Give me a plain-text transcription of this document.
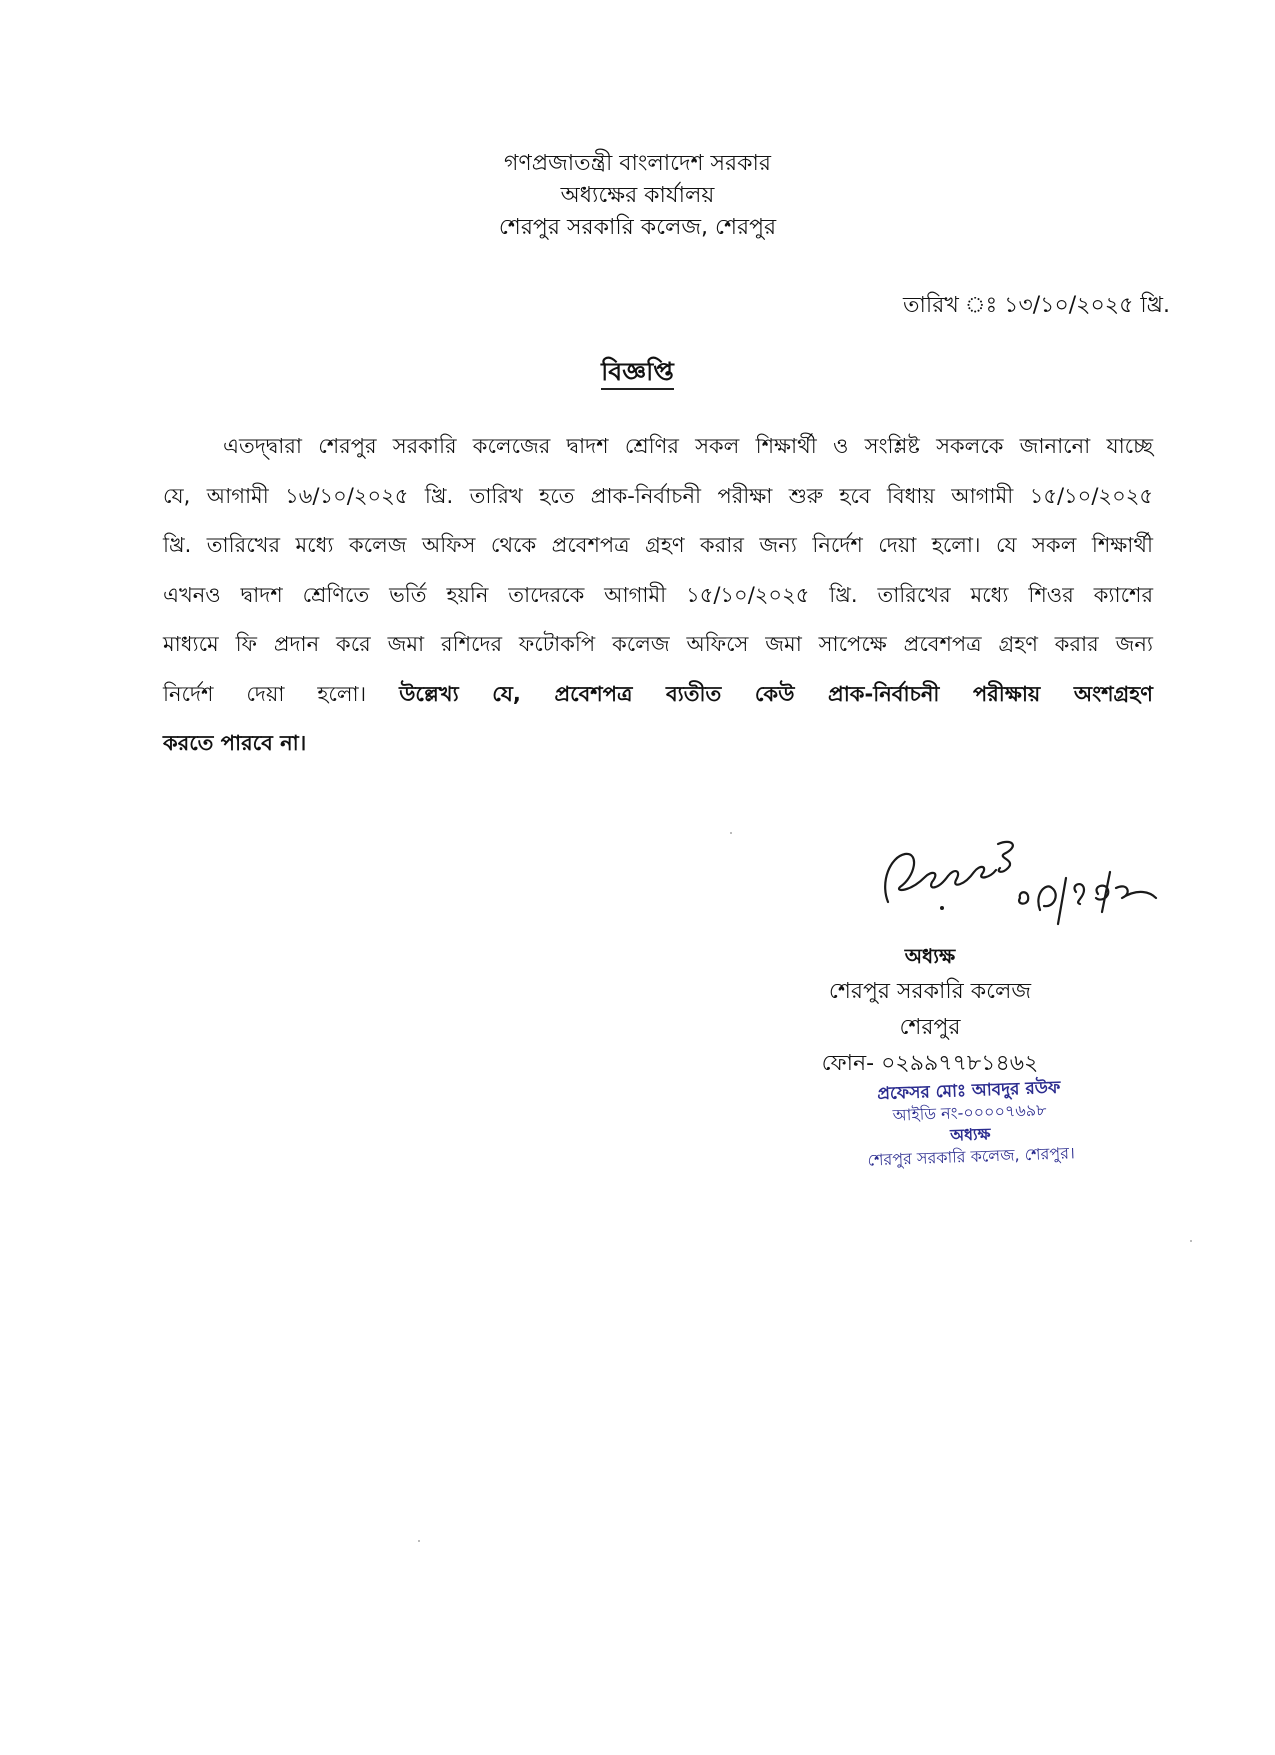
গণপ্রজাতন্ত্রী বাংলাদেশ সরকার
অধ্যক্ষের কার্যালয়
শেরপুর সরকারি কলেজ, শেরপুর
তারিখ ঃ ১৩/১০/২০২৫ খ্রি.
বিজ্ঞপ্তি
এতদ্দ্বারা শেরপুর সরকারি কলেজের দ্বাদশ শ্রেণির সকল শিক্ষার্থী ও সংশ্লিষ্ট সকলকে জানানো যাচ্ছে
যে, আগামী ১৬/১০/২০২৫ খ্রি. তারিখ হতে প্রাক-নির্বাচনী পরীক্ষা শুরু হবে বিধায় আগামী ১৫/১০/২০২৫
খ্রি. তারিখের মধ্যে কলেজ অফিস থেকে প্রবেশপত্র গ্রহণ করার জন্য নির্দেশ দেয়া হলো। যে সকল শিক্ষার্থী
এখনও দ্বাদশ শ্রেণিতে ভর্তি হয়নি তাদেরকে আগামী ১৫/১০/২০২৫ খ্রি. তারিখের মধ্যে শিওর ক্যাশের
মাধ্যমে ফি প্রদান করে জমা রশিদের ফটোকপি কলেজ অফিসে জমা সাপেক্ষে প্রবেশপত্র গ্রহণ করার জন্য
নির্দেশ দেয়া হলো। উল্লেখ্য যে, প্রবেশপত্র ব্যতীত কেউ প্রাক-নির্বাচনী পরীক্ষায় অংশগ্রহণ
করতে পারবে না।
অধ্যক্ষ
শেরপুর সরকারি কলেজ
শেরপুর
ফোন- ০২৯৯৭৭৮১৪৬২
প্রফেসর মোঃ আবদুর রউফ
আইডি নং-০০০০৭৬৯৮
অধ্যক্ষ
শেরপুর সরকারি কলেজ, শেরপুর।
